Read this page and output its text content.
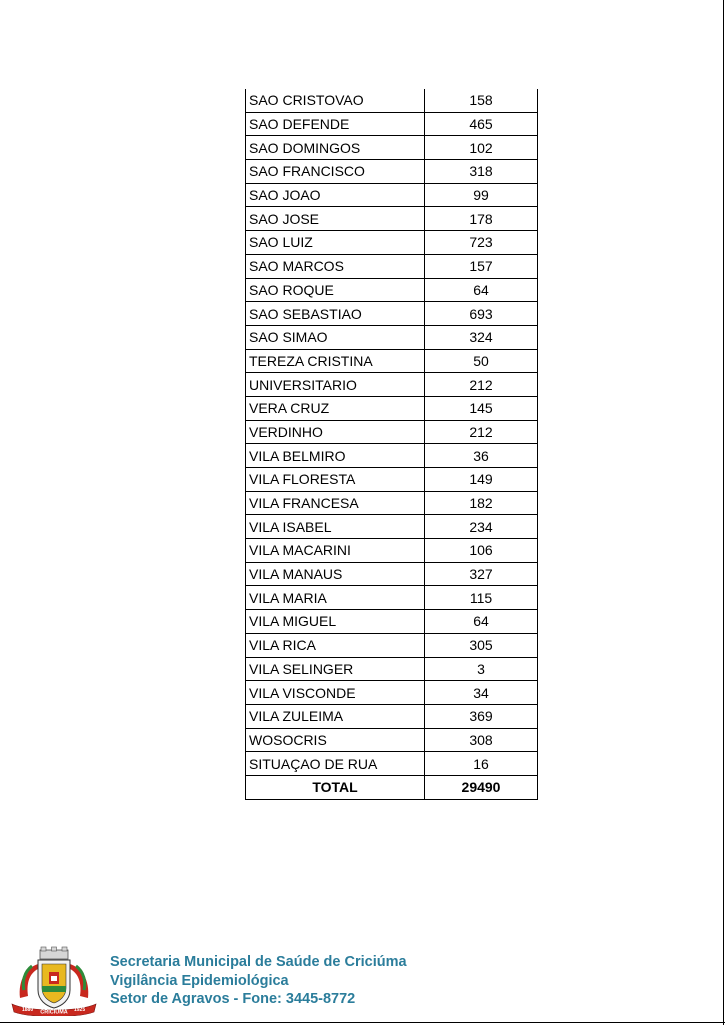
SAO CRISTOVAO	158
SAO DEFENDE	465
SAO DOMINGOS	102
SAO FRANCISCO	318
SAO JOAO	99
SAO JOSE	178
SAO LUIZ	723
SAO MARCOS	157
SAO ROQUE	64
SAO SEBASTIAO	693
SAO SIMAO	324
TEREZA CRISTINA	50
UNIVERSITARIO	212
VERA CRUZ	145
VERDINHO	212
VILA BELMIRO	36
VILA FLORESTA	149
VILA FRANCESA	182
VILA ISABEL	234
VILA MACARINI	106
VILA MANAUS	327
VILA MARIA	115
VILA MIGUEL	64
VILA RICA	305
VILA SELINGER	3
VILA VISCONDE	34
VILA ZULEIMA	369
WOSOCRIS	308
SITUAÇAO DE RUA	16
TOTAL	29490
1880 CRICIÚMA 1925
Secretaria Municipal de Saúde de Criciúma
Vigilância Epidemiológica
Setor de Agravos - Fone: 3445-8772
